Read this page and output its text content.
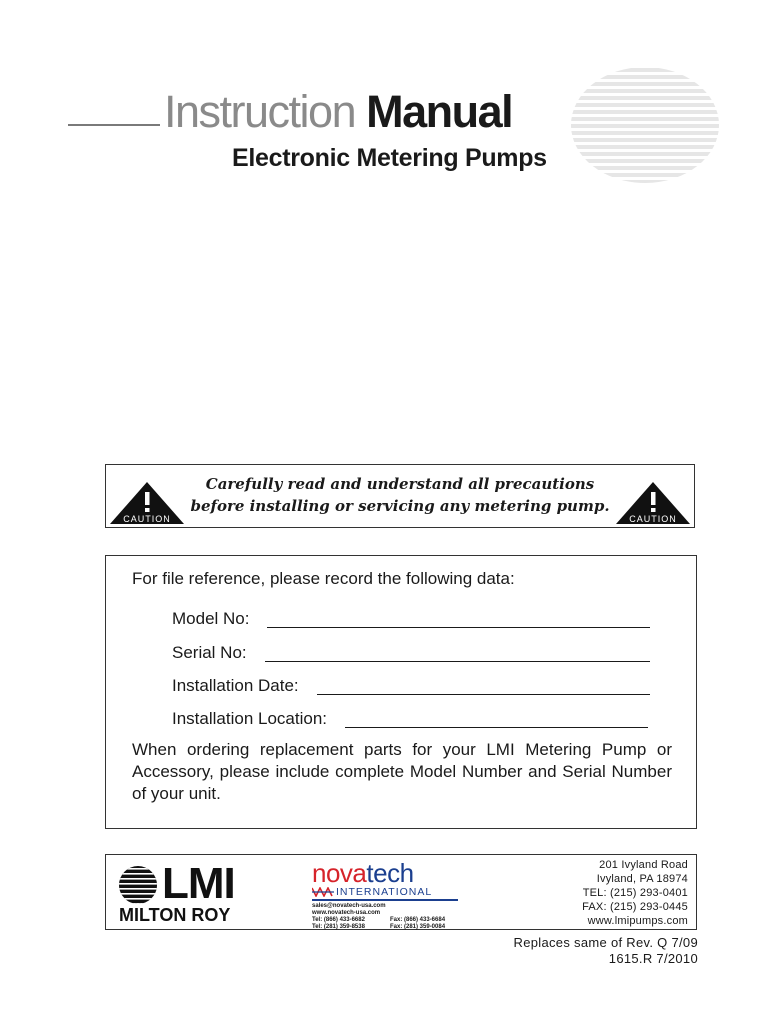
Instruction Manual
Electronic Metering Pumps
CAUTION
Carefully read and understand all precautions
before installing or servicing any metering pump.
CAUTION
For file reference, please record the following data:
Model No:
Serial No:
Installation Date:
Installation Location:
When ordering replacement parts for your LMI Metering Pump or Accessory, please include complete Model Number and Serial Number of your unit.
LMI
MILTON ROY
novatech
INTERNATIONAL
sales@novatech-usa.com
www.novatech-usa.com
Tel: (866) 433-6682	Fax: (866) 433-6684
Tel: (281) 359-8538	Fax: (281) 359-0084
201 Ivyland Road
Ivyland, PA 18974
TEL: (215) 293-0401
FAX: (215) 293-0445
www.lmipumps.com
Replaces same of Rev. Q 7/09
1615.R 7/2010
